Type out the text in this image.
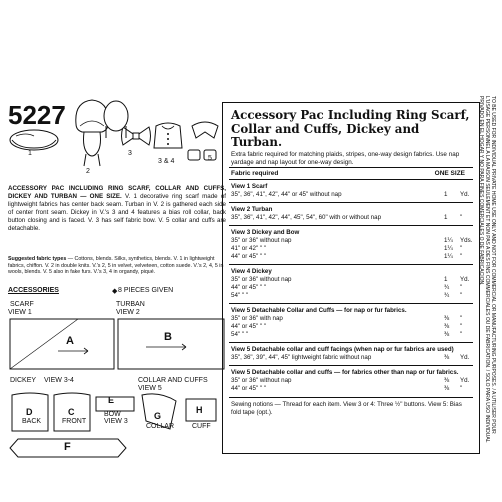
5227
1
2
3
3 & 4	5
ACCESSORY PAC INCLUDING RING SCARF, COLLAR AND CUFFS, DICKEY AND TURBAN — ONE SIZE. V. 1 decorative ring scarf made of lightweight fabrics has center back seam. Turban in V. 2 is gathered each side of center front seam. Dickey in V.'s 3 and 4 features a bias roll collar, back button closing and is faced. V. 3 has self fabric bow. V. 5 collar and cuffs are detachable.
Suggested fabric types — Cottons, blends. Silks, synthetics, blends. V. 1 in lightweight fabrics, chiffon. V. 2 in double knits. V.'s 2, 5 in velvet, velveteen, cotton suede. V.'s 2, 4, 5 in wools, blends. V. 5 also in fake furs. V.'s 3, 4 in organdy, piqué.
ACCESSORIES	8 PIECES GIVEN
◆
SCARF
VIEW 1
TURBAN
VIEW 2
A	B
DICKEY VIEW 3-4	COLLAR AND CUFFS
VIEW 5
D
BACK
C
FRONT
E
G
COLLAR
H
CUFF
BOW
VIEW 3
F
Accessory Pac Including Ring Scarf, Collar and Cuffs, Dickey and Turban.
Extra fabric required for matching plaids, stripes, one-way design fabrics. Use nap yardage and nap layout for one-way design.
Fabric required	ONE SIZE
View 1 Scarf
35", 36", 41", 42", 44" or 45" without nap	1 Yd.
View 2 Turban
35", 36", 41", 42", 44", 45", 54", 60" with or without nap	1 "
View 3 Dickey and Bow
35" or 36" without nap	1¼ Yds.
41" or 42" " "	1¼ "
44" or 45" " "	1¼ "
View 4 Dickey
35" or 36" without nap	1 Yd.
44" or 45" " "	¾ "
54" " "	¾ "
View 5 Detachable Collar and Cuffs — for nap or fur fabrics.
35" or 36" with nap	⅜ "
44" or 45" " "	⅜ "
54" " "	⅜ "
View 5 Detachable collar and cuff facings (when nap or fur fabrics are used)
35", 36", 39", 44", 45" lightweight fabric without nap	⅜ Yd.
View 5 Detachable collar and cuffs — for fabrics other than nap or fur fabrics.
35" or 36" without nap	⅜ Yd.
44" or 45" " "	⅜ "
Sewing notions — Thread for each item. View 3 or 4: Three ½" buttons. View 5: Bias fold tape (opt.).	TO BE USED FOR INDIVIDUAL PRIVATE HOME USE ONLY AND NOT FOR COMMERCIAL OR MANUFACTURING PURPOSES. / A UTILISER POUR L'USAGE PERSONNEL A LA MAISON SEULEMENT ET NON PAS A DES FINS COMMERCIALES OU DE FABRICATION. / SOLO PARA USO INDIVIDUAL PRIVADO EN EL HOGAR Y NO PARA FINES COMERCIALES O DE FABRICACION.
